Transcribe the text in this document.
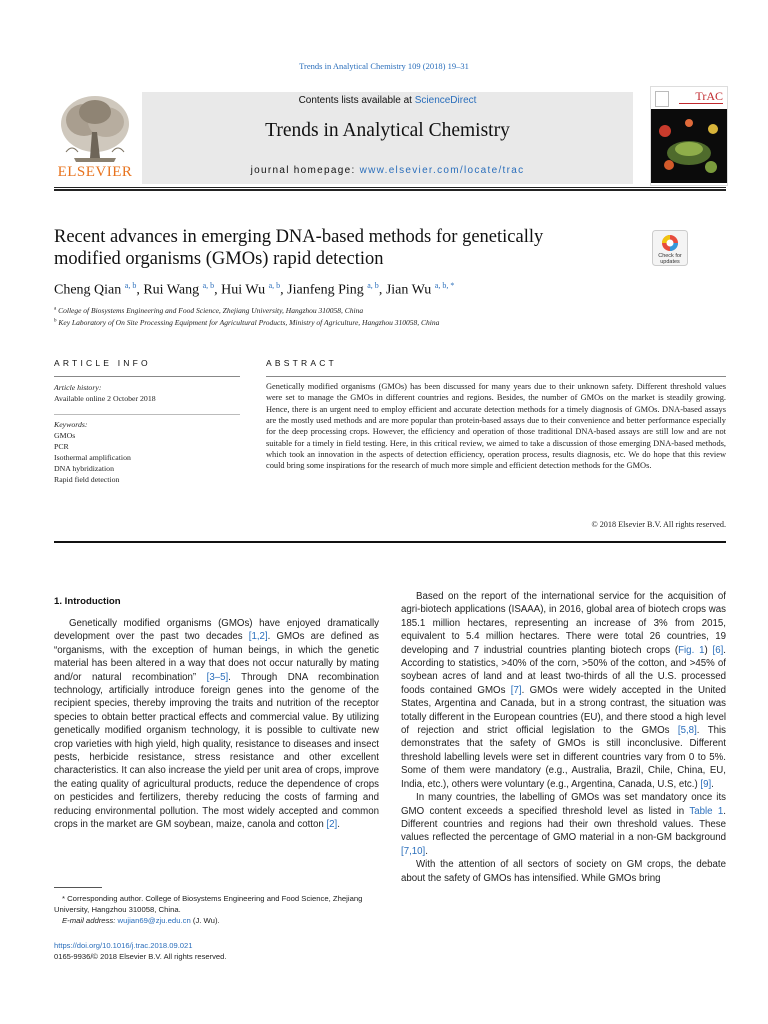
Trends in Analytical Chemistry 109 (2018) 19–31
ELSEVIER
Contents lists available at ScienceDirect
Trends in Analytical Chemistry
journal homepage: www.elsevier.com/locate/trac
TrAC
Recent advances in emerging DNA-based methods for genetically
modified organisms (GMOs) rapid detection	Check for updates
Cheng Qian $^{a, b}$, Rui Wang $^{a, b}$, Hui Wu $^{a, b}$, Jianfeng Ping $^{a, b}$, Jian Wu $^{a, b, *}$
$^a$ College of Biosystems Engineering and Food Science, Zhejiang University, Hangzhou 310058, China
$^b$ Key Laboratory of On Site Processing Equipment for Agricultural Products, Ministry of Agriculture, Hangzhou 310058, China
ARTICLE INFO
Article history:
Available online 2 October 2018
Keywords:
GMOs
PCR
Isothermal amplification
DNA hybridization
Rapid field detection
ABSTRACT
Genetically modified organisms (GMOs) has been discussed for many years due to their unknown safety. Different threshold values were set to manage the GMOs in different countries and regions. Besides, the number of GMOs on the market is steadily growing. Hence, there is an urgent need to employ efficient and accurate detection methods for a timely diagnosis of GMOs. DNA-based assays are the mostly used methods and are more popular than protein-based assays due to their convenience and better performance especially for the deep processing crops. However, the efficiency and operation of those traditional DNA-based assays are still low and are not suitable for a timely in field testing. Here, in this critical review, we aimed to take a discussion of those emerging DNA-based methods, which took an innovation in the aspects of detection efficiency, operation process, results diagnosis, etc. We do hope that this review could bring some inspirations for the research of much more simple and efficient detection methods for the GMOs.
© 2018 Elsevier B.V. All rights reserved.
1. Introduction

Genetically modified organisms (GMOs) have enjoyed dramatically development over the past two decades [1,2]. GMOs are defined as “organisms, with the exception of human beings, in which the genetic material has been altered in a way that does not occur naturally by mating and/or natural recombination” [3–5]. Through DNA recombination technology, artificially introduce foreign genes into the genome of the recipient species, thereby improving the traits and nutrition of the receptor species to obtain better practical effects and commercial value. By utilizing genetically modified organism technology, it is possible to cultivate new crop varieties with high yield, high quality, resistance to diseases and insect pests, herbicide resistance, stress resistance and other excellent characteristics. It can also increase the yield per unit area of crops, improve the eating quality of agricultural products, reduce the dependence of crops on pesticides and fertilizers, thereby reducing the costs of farming and reducing environmental pollution. The most widely accepted and common crops in the market are GM soybean, maize, canola and cotton [2].

Based on the report of the international service for the acquisition of agri-biotech applications (ISAAA), in 2016, global area of biotech crops was 185.1 million hectares, representing an increase of 3% from 2015, equivalent to 5.4 million hectares. There were total 26 countries, 19 developing and 7 industrial countries planting biotech crops (Fig. 1) [6]. According to statistics, >40% of the corn, >50% of the cotton, and >45% of soybean acres of land and at least two-thirds of all the U.S. processed foods contained GMOs [7]. GMOs were widely accepted in the United States, Argentina and Canada, but in a strong contrast, the situation was totally different in the European countries (EU), and there stood a high level of rejection and strict official legislation to the GMOs [5,8]. This demonstrates that the safety of GMOs is still inconclusive. Different threshold labelling levels were set in different countries vary from 0 to 5%. Some of them were mandatory (e.g., Australia, Brazil, Chile, China, EU, India, etc.), others were voluntary (e.g., Argentina, Canada, U.S, etc.) [9].

In many countries, the labelling of GMOs was set mandatory once its GMO content exceeds a specified threshold level as listed in Table 1. Different countries and regions had their own threshold values. These values reflected the percentage of GMO material in a non-GM background [7,10].

With the attention of all sectors of society on GM crops, the debate about the safety of GMOs has intensified. While GMOs bring

* Corresponding author. College of Biosystems Engineering and Food Science, Zhejiang University, Hangzhou 310058, China.
E-mail address: wujian69@zju.edu.cn (J. Wu).
https://doi.org/10.1016/j.trac.2018.09.021
0165-9936/© 2018 Elsevier B.V. All rights reserved.
